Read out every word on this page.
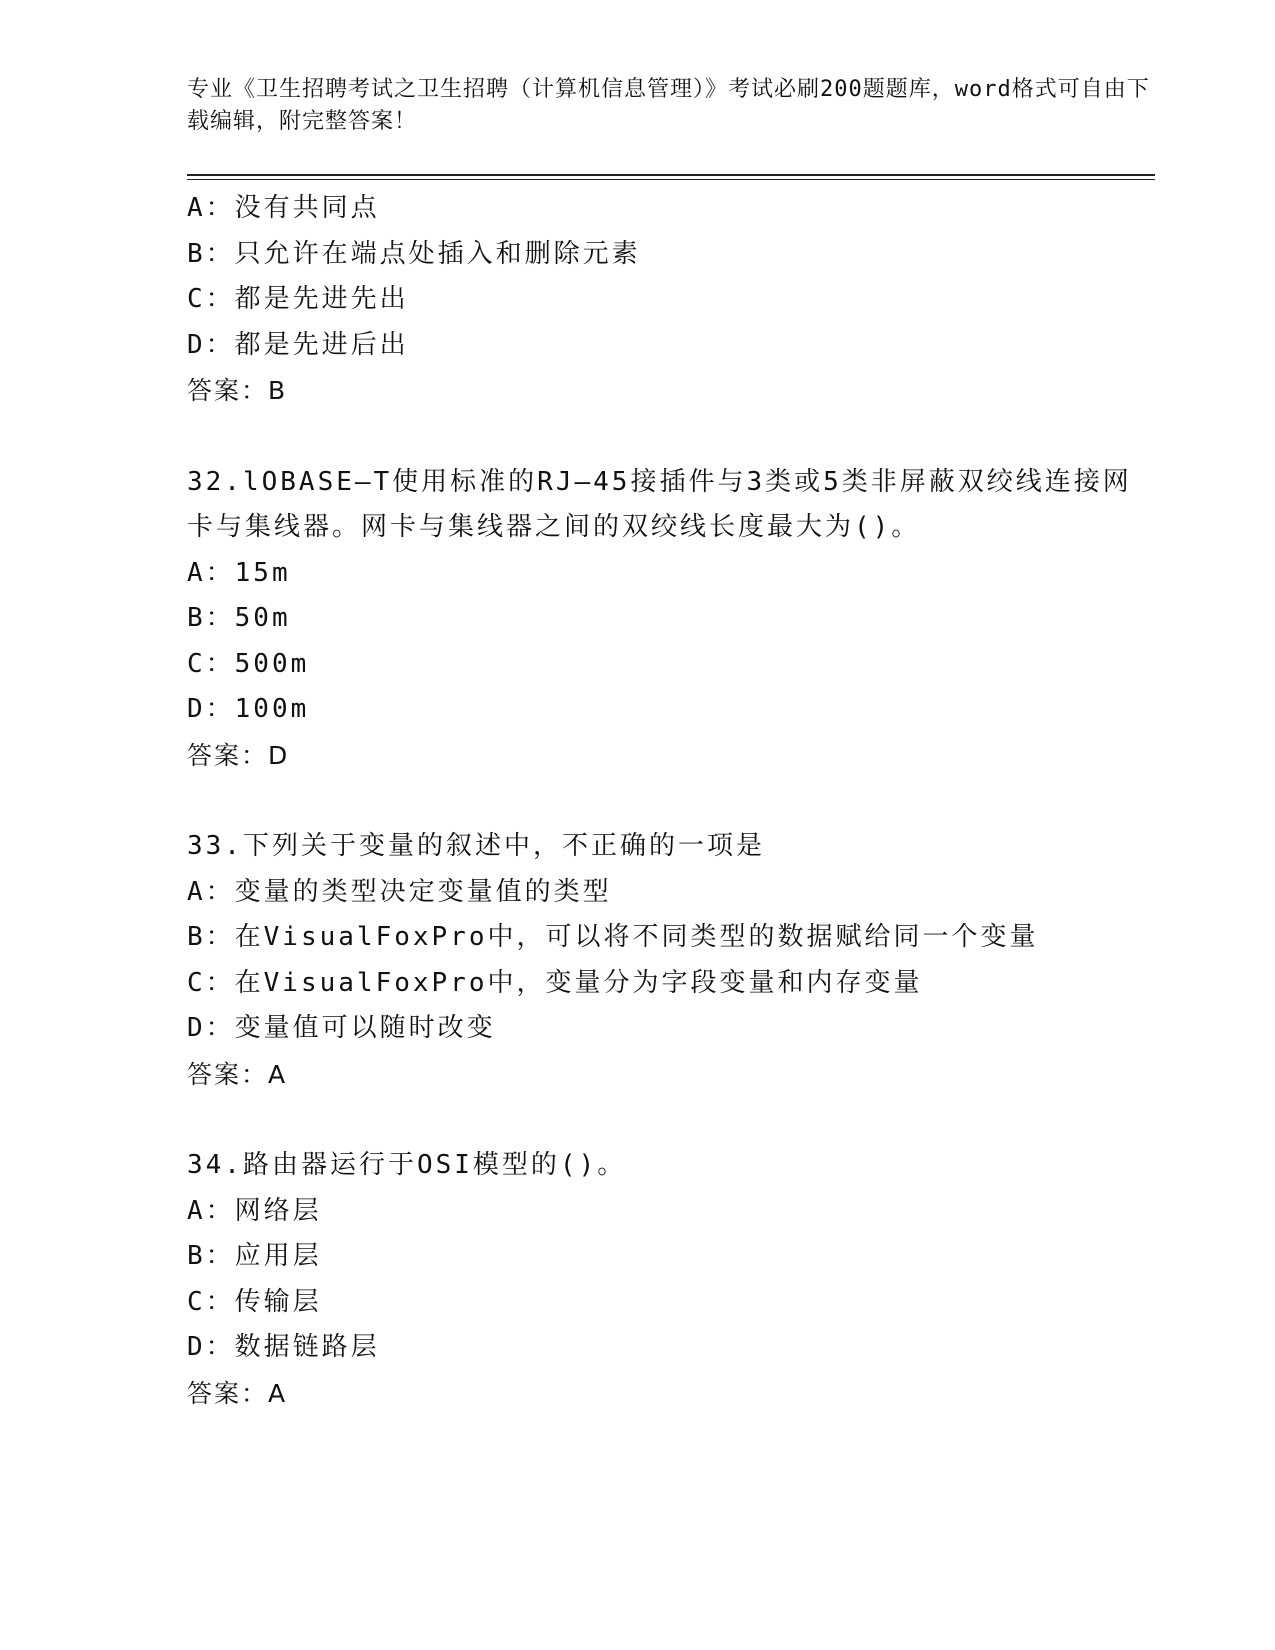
专业《卫生招聘考试之卫生招聘（计算机信息管理）》考试必刷200题题库，word格式可自由下载编辑，附完整答案！

A：没有共同点

B：只允许在端点处插入和删除元素

C：都是先进先出

D：都是先进后出

答案：B

32.lOBASE—T使用标准的RJ—45接插件与3类或5类非屏蔽双绞线连接网卡与集线器。网卡与集线器之间的双绞线长度最大为()。

A：15m

B：50m

C：500m

D：100m

答案：D

33.下列关于变量的叙述中，不正确的一项是

A：变量的类型决定变量值的类型

B：在VisualFoxPro中，可以将不同类型的数据赋给同一个变量

C：在VisualFoxPro中，变量分为字段变量和内存变量

D：变量值可以随时改变

答案：A

34.路由器运行于OSI模型的()。

A：网络层

B：应用层

C：传输层

D：数据链路层

答案：A
